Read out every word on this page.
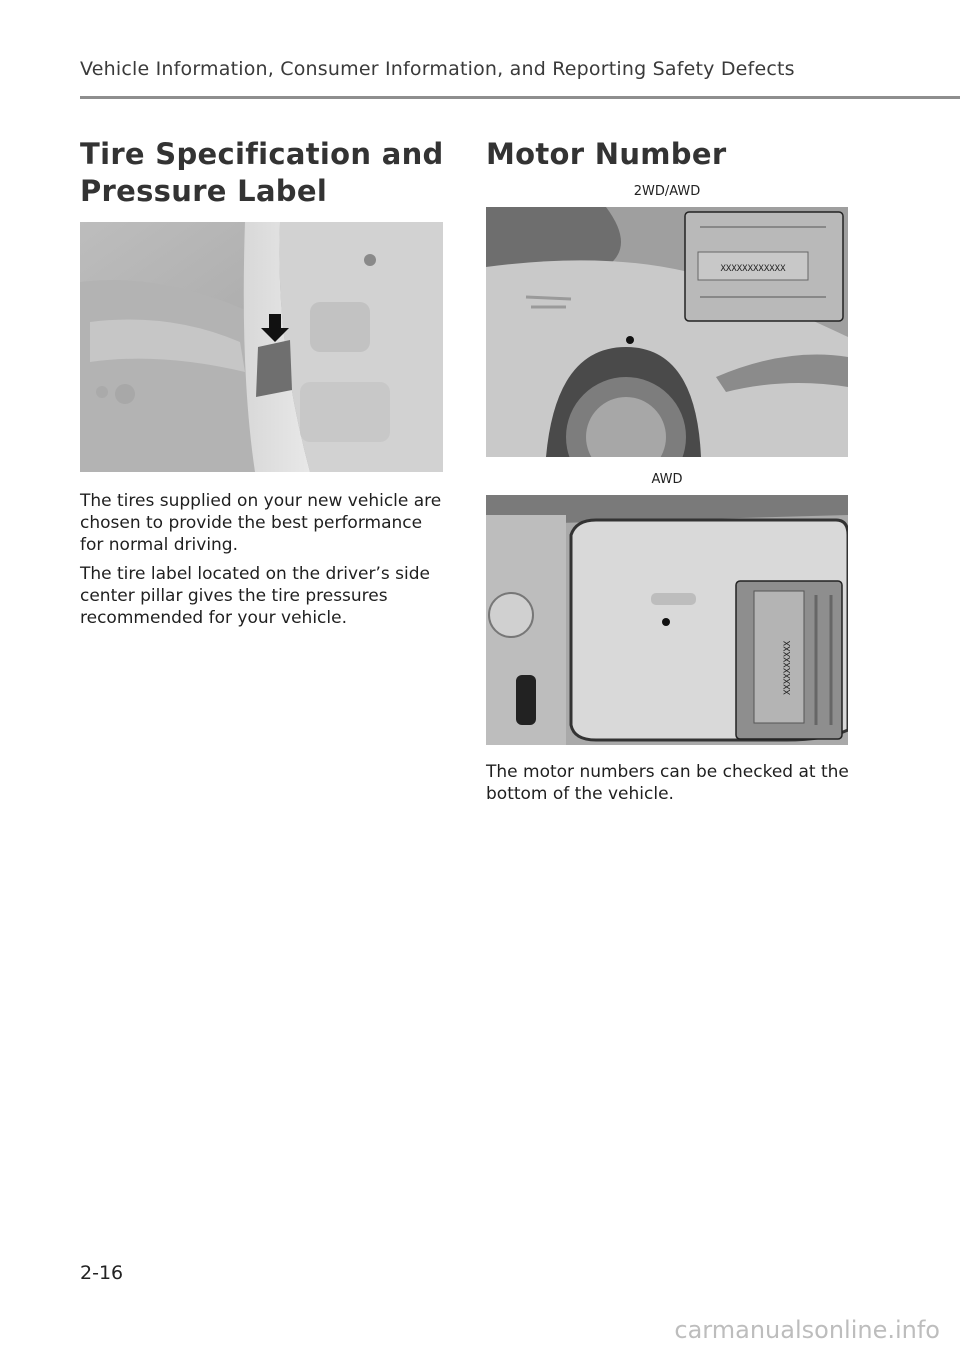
Vehicle Information, Consumer Information, and Reporting Safety Defects
Tire Specification and Pressure Label
The tires supplied on your new vehicle are chosen to provide the best performance for normal driving.
The tire label located on the driver’s side center pillar gives the tire pressures recommended for your vehicle.
Motor Number
2WD/AWD
XXXXXXXXXXXX
AWD
XXXXXXXXXX
The motor numbers can be checked at the bottom of the vehicle.
2-16
carmanualsonline.info
